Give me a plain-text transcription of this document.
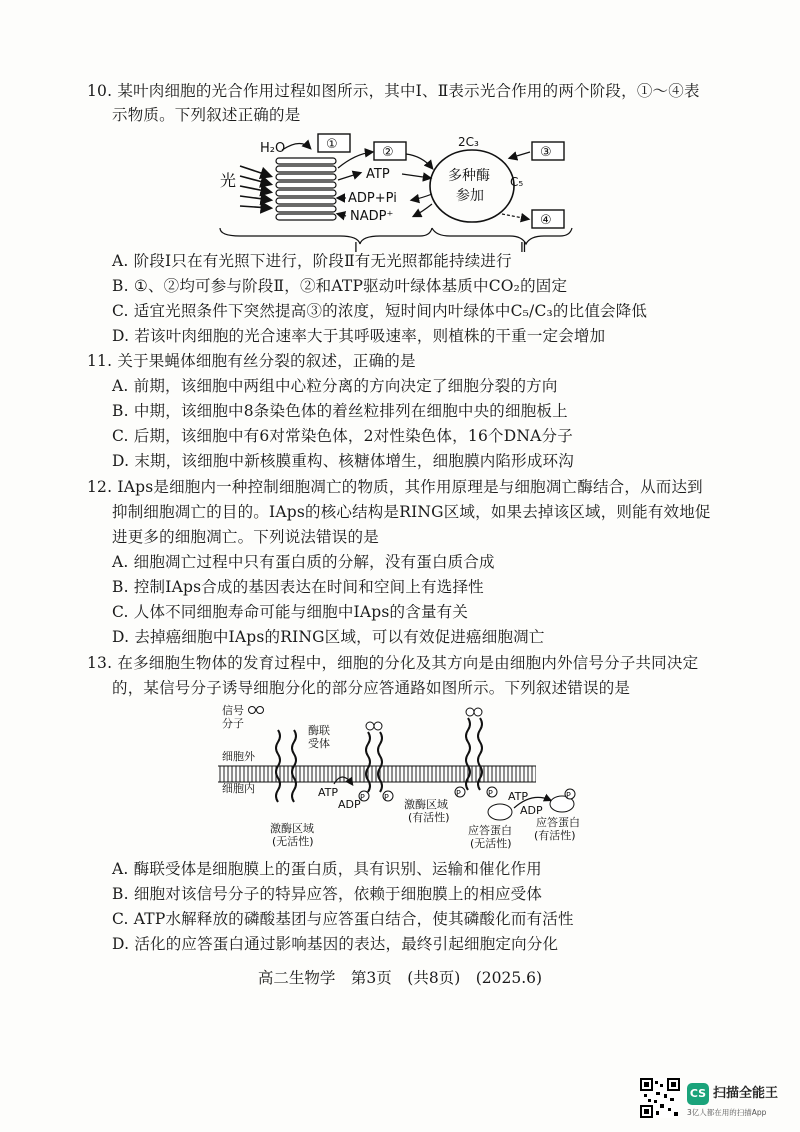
10. 某叶肉细胞的光合作用过程如图所示，其中Ⅰ、Ⅱ表示光合作用的两个阶段，①～④表
示物质。下列叙述正确的是
光
H₂O	①
②
ATP
ADP+Pi
NADP⁺
2C₃
C₅
多种酶
参加
③
④
Ⅰ	Ⅱ
A. 阶段Ⅰ只在有光照下进行，阶段Ⅱ有无光照都能持续进行
B. ①、②均可参与阶段Ⅱ，②和ATP驱动叶绿体基质中CO₂的固定
C. 适宜光照条件下突然提高③的浓度，短时间内叶绿体中C₅/C₃的比值会降低
D. 若该叶肉细胞的光合速率大于其呼吸速率，则植株的干重一定会增加
11. 关于果蝇体细胞有丝分裂的叙述，正确的是
A. 前期，该细胞中两组中心粒分离的方向决定了细胞分裂的方向
B. 中期，该细胞中8条染色体的着丝粒排列在细胞中央的细胞板上
C. 后期，该细胞中有6对常染色体，2对性染色体，16个DNA分子
D. 末期，该细胞中新核膜重构、核糖体增生，细胞膜内陷形成环沟
12. IAps是细胞内一种控制细胞凋亡的物质，其作用原理是与细胞凋亡酶结合，从而达到
抑制细胞凋亡的目的。IAps的核心结构是RING区域，如果去掉该区域，则能有效地促
进更多的细胞凋亡。下列说法错误的是
A. 细胞凋亡过程中只有蛋白质的分解，没有蛋白质合成
B. 控制IAps合成的基因表达在时间和空间上有选择性
C. 人体不同细胞寿命可能与细胞中IAps的含量有关
D. 去掉癌细胞中IAps的RING区域，可以有效促进癌细胞凋亡
13. 在多细胞生物体的发育过程中，细胞的分化及其方向是由细胞内外信号分子共同决定
的，某信号分子诱导细胞分化的部分应答通路如图所示。下列叙述错误的是
信号
分子
酶联
受体
细胞外
细胞内
P P
ATP
ADP
P	P
激酶区域
(无活性)
激酶区域
(有活性)
ATP
ADP
P
应答蛋白
(无活性)
应答蛋白
(有活性)
A. 酶联受体是细胞膜上的蛋白质，具有识别、运输和催化作用
B. 细胞对该信号分子的特异应答，依赖于细胞膜上的相应受体
C. ATP水解释放的磷酸基团与应答蛋白结合，使其磷酸化而有活性
D. 活化的应答蛋白通过影响基因的表达，最终引起细胞定向分化
高二生物学　第3页　(共8页)　(2025.6)
CS 扫描全能王
3亿人都在用的扫描App
